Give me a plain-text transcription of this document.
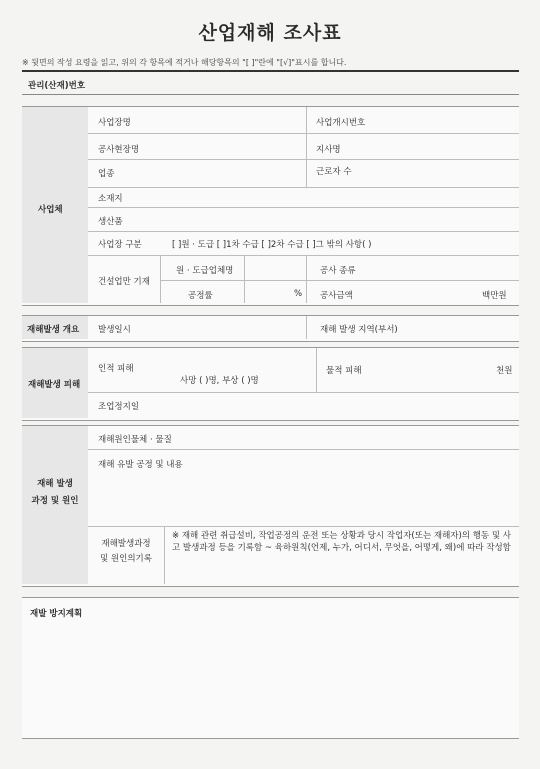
산업재해 조사표
※ 뒷면의 작성 요령을 읽고, 위의 각 항목에 적거나 해당항목의 "[ ]"란에 "[√]"표시를 합니다.
관리(산재)번호
사업체
사업장명	사업개시번호
공사현장명	지사명
업종	근로자 수
소재지
생산품
사업장 구분	[ ]원 · 도급 [ ]1차 수급 [ ]2차 수급 [ ]그 밖의 사항( )
건설업만 기재
원 · 도급업체명	공사 종류
공정률	% 공사금액	백만원
재해발생 개요 발생일시	재해 발생 지역(부서)
재해발생 피해
인적 피해
사망 ( )명, 부상 ( )명
물적 피해	천원
조업정지일
재해 발생
과정 및 원인
재해원인물체 · 물질
재해 유발 공정 및 내용
재해발생과정
및 원인의기록
※ 재해 관련 취급설비, 작업공정의 운전 또는 상황과 당시 작업자(또는 재해자)의 행동 및 사고 발생과정 등을 기록함 ~ 육하원칙(언제, 누가, 어디서, 무엇을, 어떻게, 왜)에 따라 작성함
재발 방지계획
